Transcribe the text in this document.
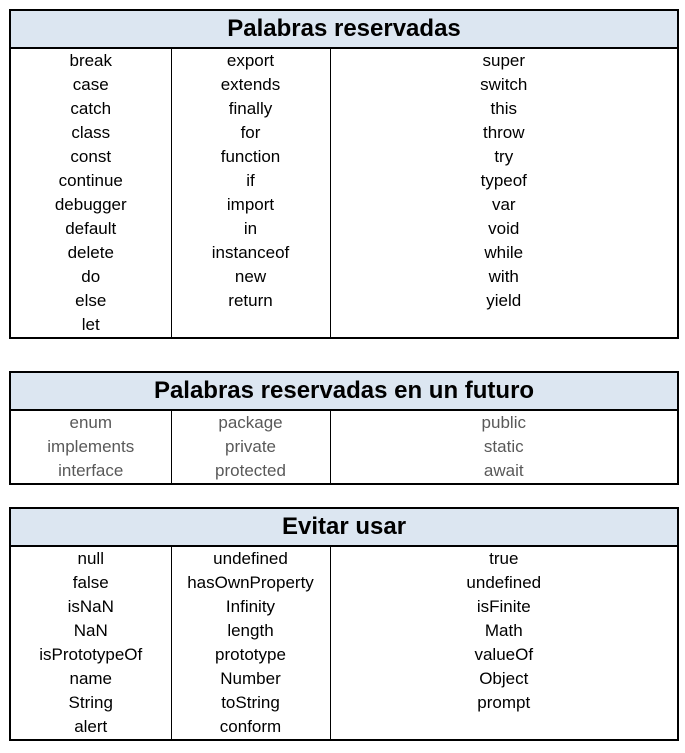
Palabras reservadas		
break	export	super
case	extends	switch
catch	finally	this
class	for	throw
const	function	try
continue	if	typeof
debugger	import	var
default	in	void
delete	instanceof	while
do	new	with
else	return	yield
let		
Palabras reservadas en un futuro		
enum	package	public
implements	private	static
interface	protected	await
Evitar usar		
null	undefined	true
false	hasOwnProperty	undefined
isNaN	Infinity	isFinite
NaN	length	Math
isPrototypeOf	prototype	valueOf
name	Number	Object
String	toString	prompt
alert	conform	
